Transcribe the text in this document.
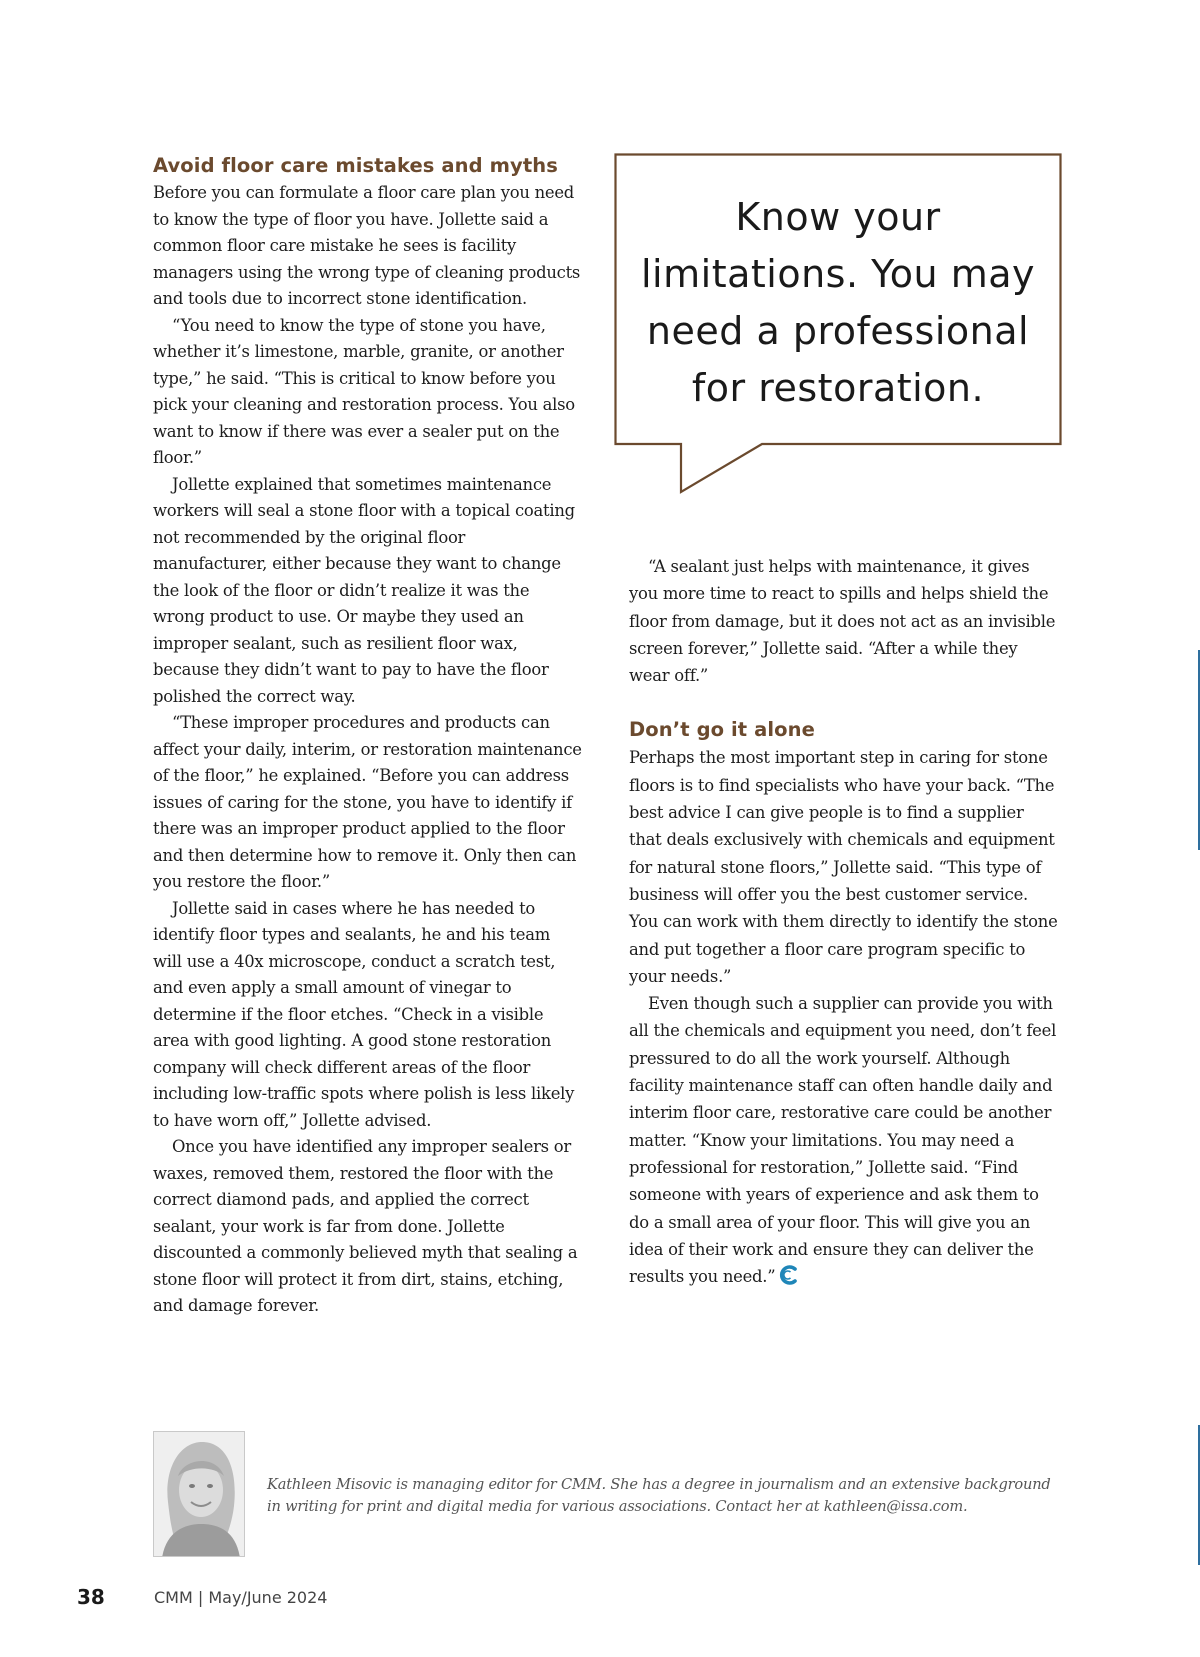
Avoid floor care mistakes and myths

Before you can formulate a floor care plan you need to know the type of floor you have. Jollette said a common floor care mistake he sees is facility managers using the wrong type of cleaning products and tools due to incorrect stone identification.

“You need to know the type of stone you have, whether it’s limestone, marble, granite, or another type,” he said. “This is critical to know before you pick your cleaning and restoration process. You also want to know if there was ever a sealer put on the floor.”

Jollette explained that sometimes maintenance workers will seal a stone floor with a topical coating not recommended by the original floor manufacturer, either because they want to change the look of the floor or didn’t realize it was the wrong product to use. Or maybe they used an improper sealant, such as resilient floor wax, because they didn’t want to pay to have the floor polished the correct way.

“These improper procedures and products can affect your daily, interim, or restoration maintenance of the floor,” he explained. “Before you can address issues of caring for the stone, you have to identify if there was an improper product applied to the floor and then determine how to remove it. Only then can you restore the floor.”

Jollette said in cases where he has needed to identify floor types and sealants, he and his team will use a 40x microscope, conduct a scratch test, and even apply a small amount of vinegar to determine if the floor etches. “Check in a visible area with good lighting. A good stone restoration company will check different areas of the floor including low-traffic spots where polish is less likely to have worn off,” Jollette advised.

Once you have identified any improper sealers or waxes, removed them, restored the floor with the correct diamond pads, and applied the correct sealant, your work is far from done. Jollette discounted a commonly believed myth that sealing a stone floor will protect it from dirt, stains, etching, and damage forever.

Know your
limitations. You may
need a professional
for restoration.

“A sealant just helps with maintenance, it gives you more time to react to spills and helps shield the floor from damage, but it does not act as an invisible screen forever,” Jollette said. “After a while they wear off.”

Don’t go it alone

Perhaps the most important step in caring for stone floors is to find specialists who have your back. “The best advice I can give people is to find a supplier that deals exclusively with chemicals and equipment for natural stone floors,” Jollette said. “This type of business will offer you the best customer service. You can work with them directly to identify the stone and put together a floor care program specific to your needs.”

Even though such a supplier can provide you with all the chemicals and equipment you need, don’t feel pressured to do all the work yourself. Although facility maintenance staff can often handle daily and interim floor care, restorative care could be another matter. “Know your limitations. You may need a professional for restoration,” Jollette said. “Find someone with years of experience and ask them to do a small area of your floor. This will give you an idea of their work and ensure they can deliver the results you need.”

Kathleen Misovic is managing editor for CMM. She has a degree in journalism and an extensive background in writing for print and digital media for various associations. Contact her at kathleen@issa.com.

38	CMM | May/June 2024
